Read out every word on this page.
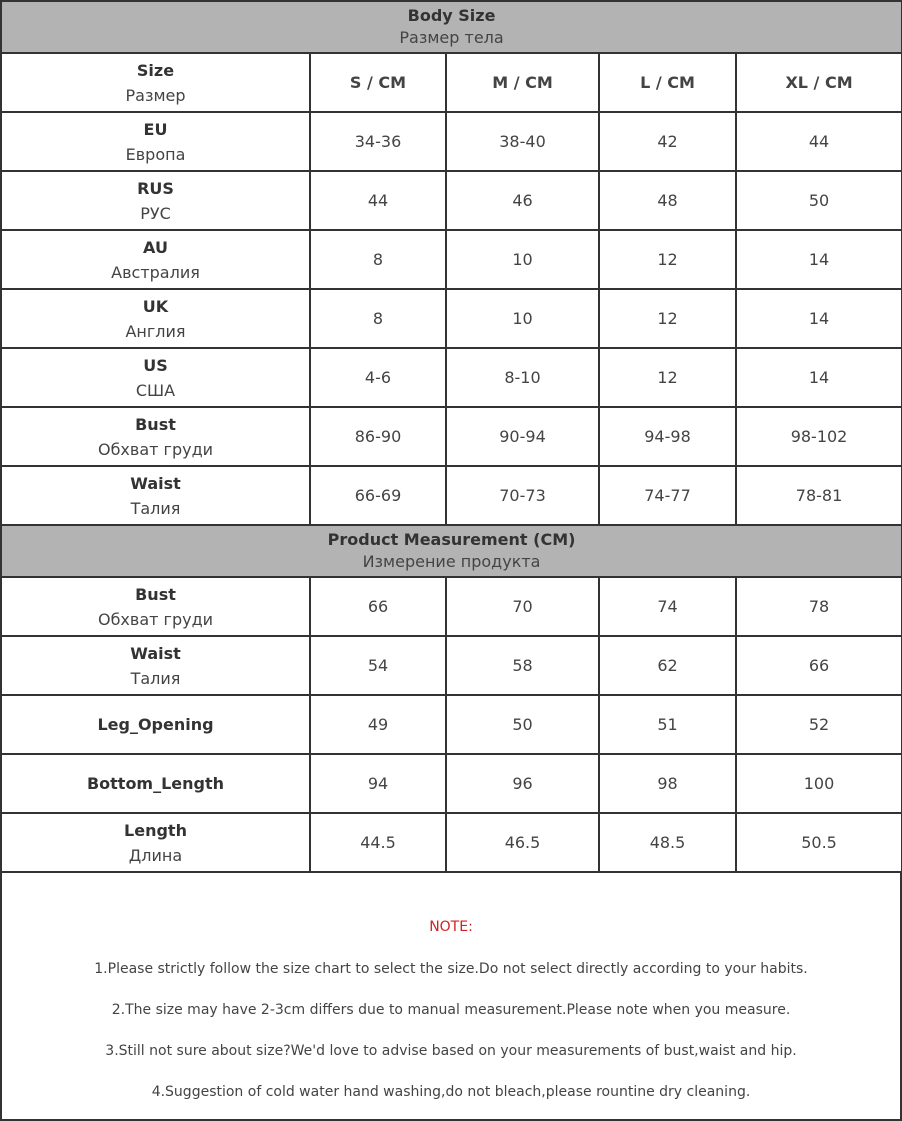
Body Size
Размер тела				

Size
Размер	S / CM	M / CM	L / CM	XL / CM

EU
Европа	34-36	38-40	42	44

RUS
РУС	44	46	48	50

AU
Австралия	8	10	12	14

UK
Англия	8	10	12	14

US
США	4-6	8-10	12	14

Bust
Обхват груди	86-90	90-94	94-98	98-102

Waist
Талия	66-69	70-73	74-77	78-81

Product Measurement (CM)
Измерение продукта				

Bust
Обхват груди	66	70	74	78

Waist
Талия	54	58	62	66

Leg_Opening	49	50	51	52

Bottom_Length	94	96	98	100

Length
Длина	44.5	46.5	48.5	50.5
NOTE:
1.Please strictly follow the size chart to select the size.Do not select directly according to your habits.
2.The size may have 2-3cm differs due to manual measurement.Please note when you measure.
3.Still not sure about size?We'd love to advise based on your measurements of bust,waist and hip.
4.Suggestion of cold water hand washing,do not bleach,please rountine dry cleaning.
